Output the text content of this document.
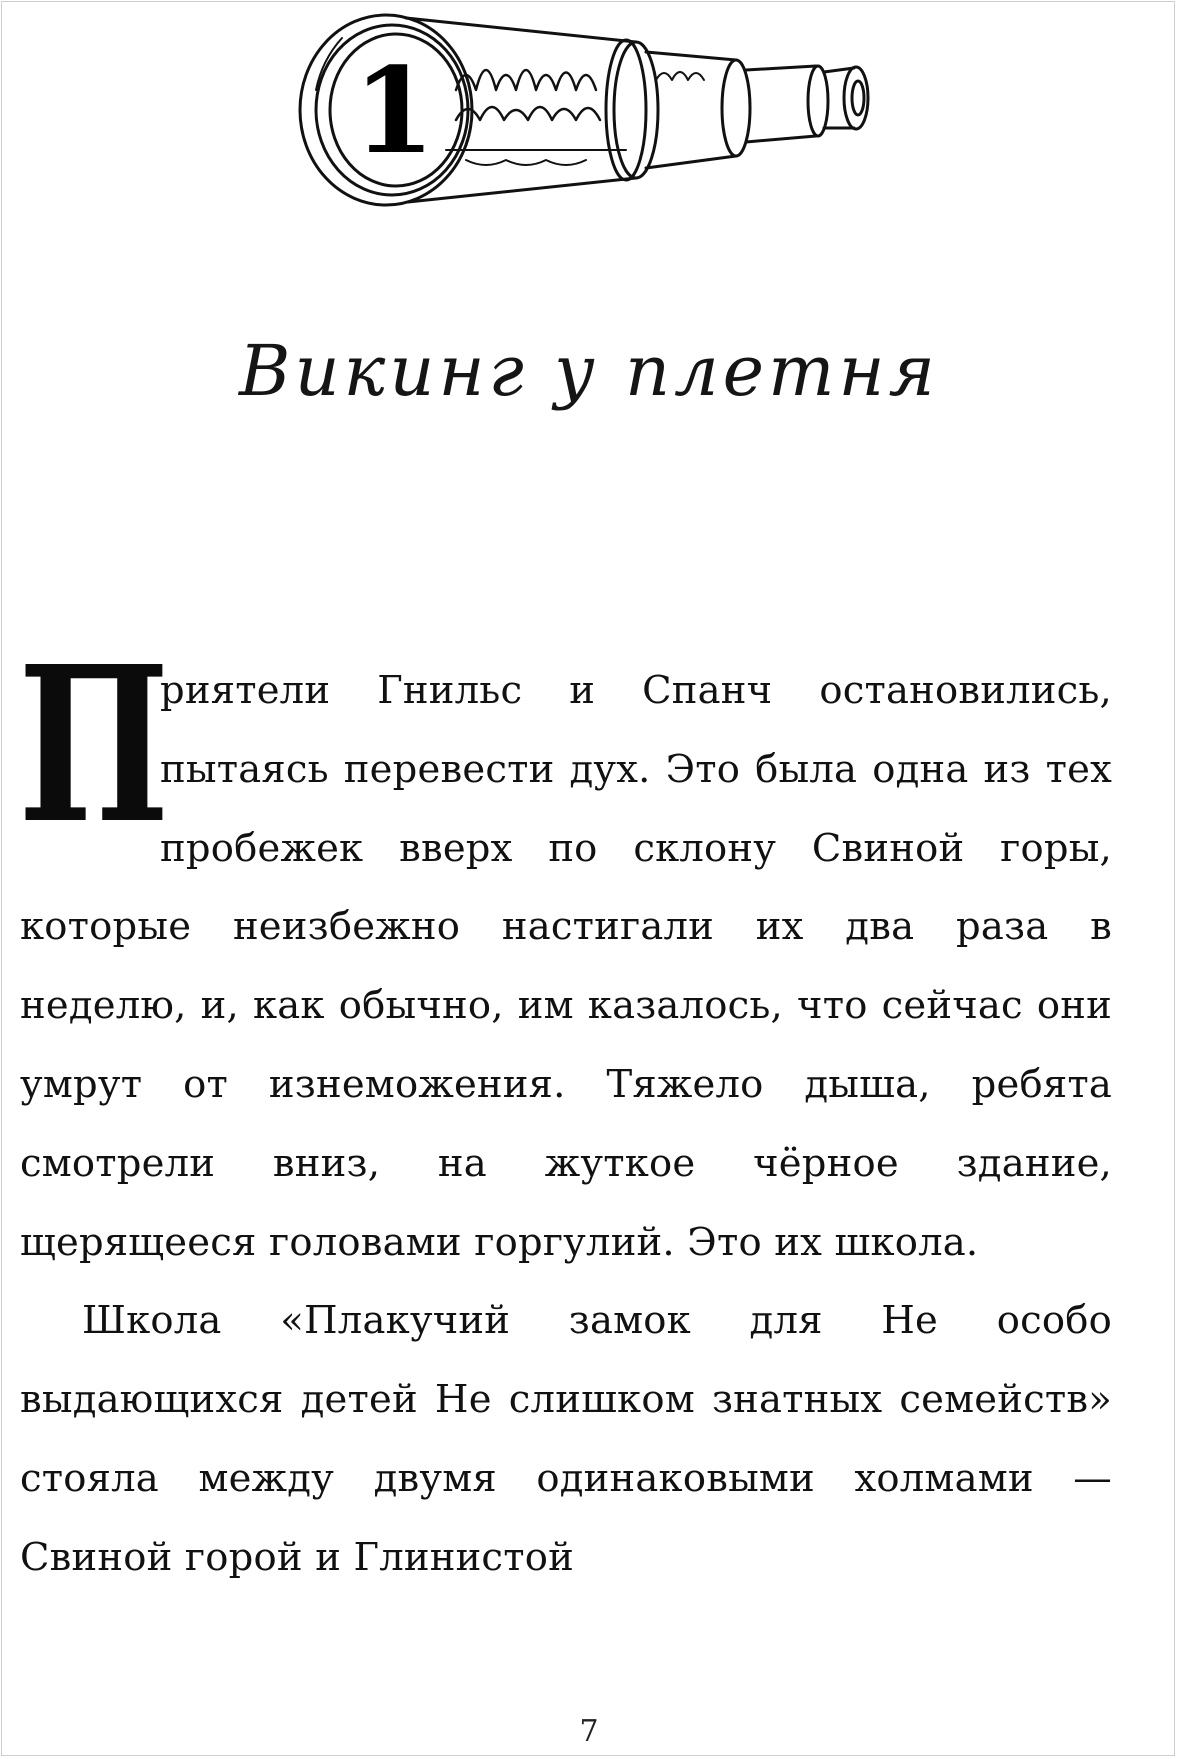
1
Викинг у плетня

П
риятели Гнильс и Спанч остановились, пытаясь перевести дух. Это была одна из тех пробежек вверх по склону Свиной горы, которые неизбежно настигали их два раза в неделю, и, как обычно, им казалось, что сейчас они умрут от изнеможения. Тяжело дыша, ребята смотрели вниз, на жуткое чёрное здание, щерящееся головами горгулий. Это их школа.

Школа «Плакучий замок для Не особо выдающихся детей Не слишком знатных семейств» стояла между двумя одинаковыми холмами — Свиной горой и Глинистой

7
